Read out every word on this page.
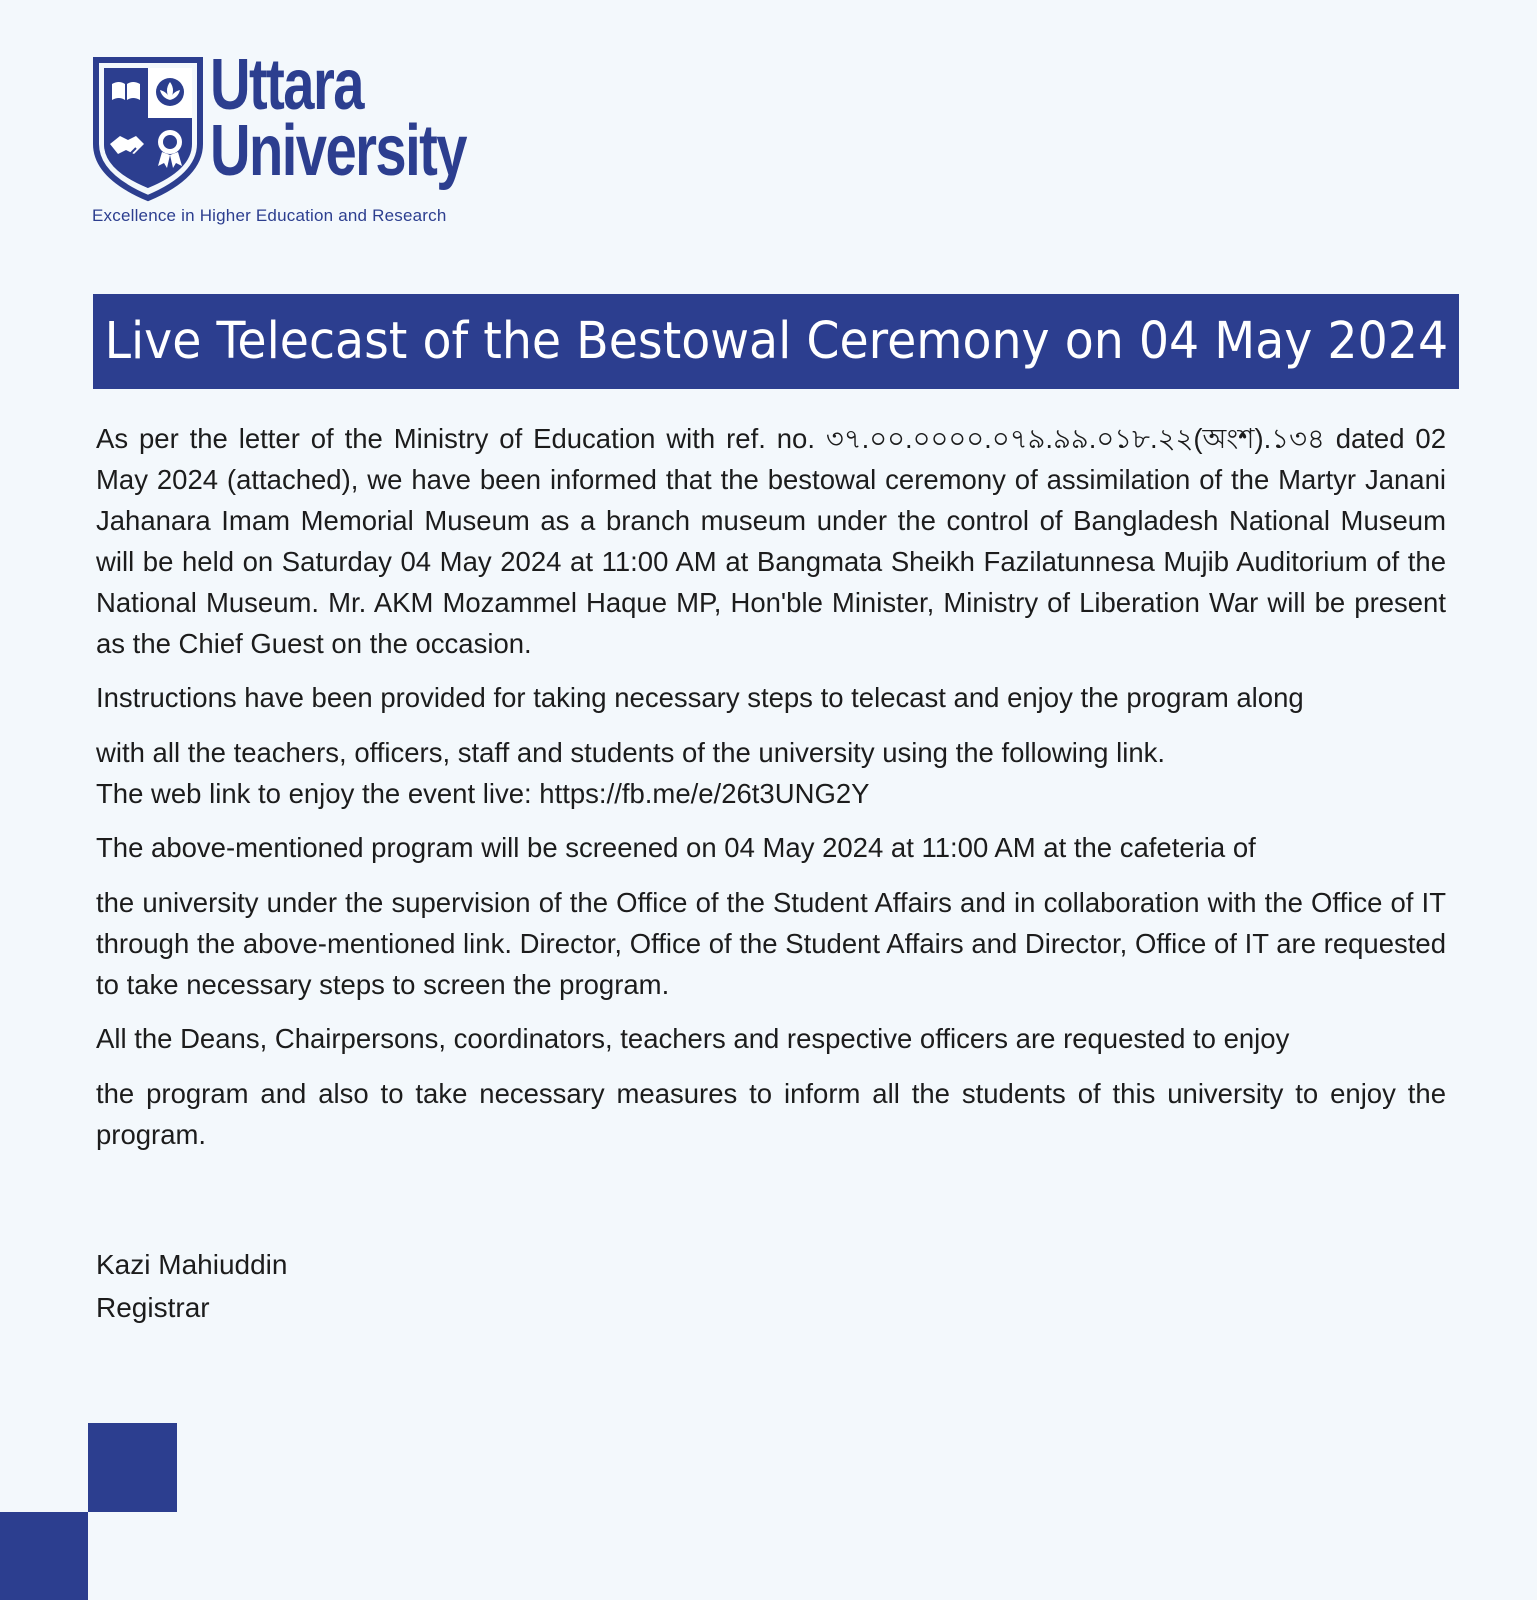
Uttara
University
Excellence in Higher Education and Research
Live Telecast of the Bestowal Ceremony on 04 May 2024

As per the letter of the Ministry of Education with ref. no. ৩৭.০০.০০০০.০৭৯.৯৯.০১৮.২২(অংশ).১৩৪ dated 02 May 2024 (attached), we have been informed that the bestowal ceremony of assimilation of the Martyr Janani Jahanara Imam Memorial Museum as a branch museum under the control of Bangladesh National Museum will be held on Saturday 04 May 2024 at 11:00 AM at Bangmata Sheikh Fazilatunnesa Mujib Auditorium of the National Museum. Mr. AKM Mozammel Haque MP, Hon'ble Minister, Ministry of Liberation War will be present as the Chief Guest on the occasion.

Instructions have been provided for taking necessary steps to telecast and enjoy the program along
with all the teachers, officers, staff and students of the university using the following link.

The web link to enjoy the event live: https://fb.me/e/26t3UNG2Y

The above-mentioned program will be screened on 04 May 2024 at 11:00 AM at the cafeteria of
the university under the supervision of the Office of the Student Affairs and in collaboration with the Office of IT through the above-mentioned link. Director, Office of the Student Affairs and Director, Office of IT are requested to take necessary steps to screen the program.

All the Deans, Chairpersons, coordinators, teachers and respective officers are requested to enjoy
the program and also to take necessary measures to inform all the students of this university to enjoy the program.

Kazi Mahiuddin
Registrar
